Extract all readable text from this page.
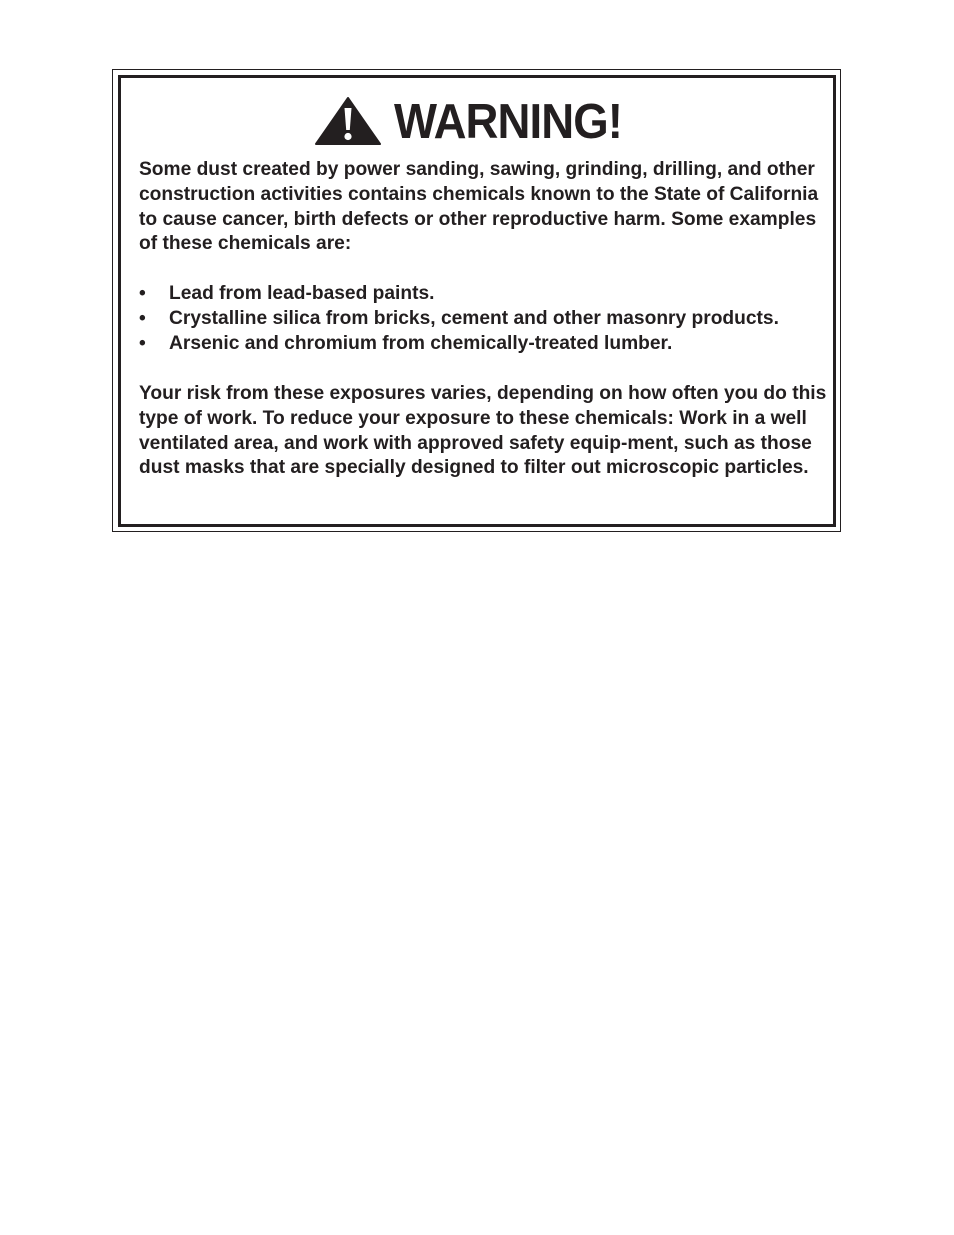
WARNING!

Some dust created by power sanding, sawing, grinding, drilling, and other construction activities contains chemicals known to the State of California to cause cancer, birth defects or other reproductive harm. Some examples of these chemicals are:

• Lead from lead-based paints.
• Crystalline silica from bricks, cement and other masonry products.
• Arsenic and chromium from chemically-treated lumber.

Your risk from these exposures varies, depending on how often you do this type of work. To reduce your exposure to these chemicals: Work in a well ventilated area, and work with approved safety equip-ment, such as those dust masks that are specially designed to filter out microscopic particles.
